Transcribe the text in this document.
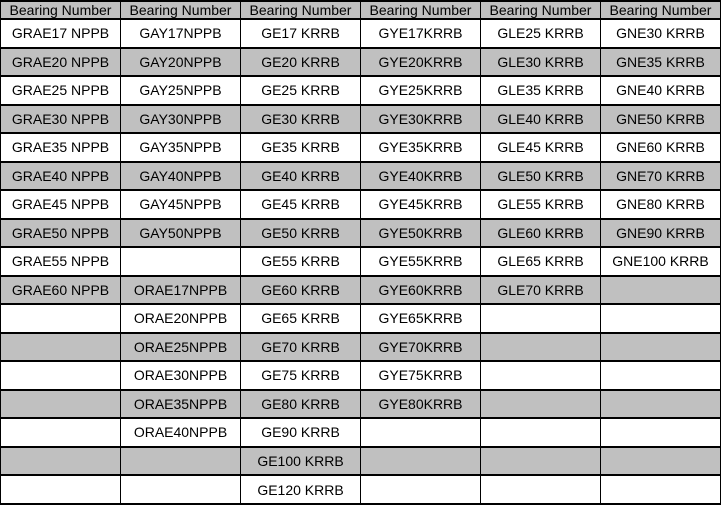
Bearing Number	Bearing Number	Bearing Number	Bearing Number	Bearing Number	Bearing Number
GRAE17 NPPB	GAY17NPPB	GE17 KRRB	GYE17KRRB	GLE25 KRRB	GNE30 KRRB
GRAE20 NPPB	GAY20NPPB	GE20 KRRB	GYE20KRRB	GLE30 KRRB	GNE35 KRRB
GRAE25 NPPB	GAY25NPPB	GE25 KRRB	GYE25KRRB	GLE35 KRRB	GNE40 KRRB
GRAE30 NPPB	GAY30NPPB	GE30 KRRB	GYE30KRRB	GLE40 KRRB	GNE50 KRRB
GRAE35 NPPB	GAY35NPPB	GE35 KRRB	GYE35KRRB	GLE45 KRRB	GNE60 KRRB
GRAE40 NPPB	GAY40NPPB	GE40 KRRB	GYE40KRRB	GLE50 KRRB	GNE70 KRRB
GRAE45 NPPB	GAY45NPPB	GE45 KRRB	GYE45KRRB	GLE55 KRRB	GNE80 KRRB
GRAE50 NPPB	GAY50NPPB	GE50 KRRB	GYE50KRRB	GLE60 KRRB	GNE90 KRRB
GRAE55 NPPB		GE55 KRRB	GYE55KRRB	GLE65 KRRB	GNE100 KRRB
GRAE60 NPPB	ORAE17NPPB	GE60 KRRB	GYE60KRRB	GLE70 KRRB	
	ORAE20NPPB	GE65 KRRB	GYE65KRRB		
	ORAE25NPPB	GE70 KRRB	GYE70KRRB		
	ORAE30NPPB	GE75 KRRB	GYE75KRRB		
	ORAE35NPPB	GE80 KRRB	GYE80KRRB		
	ORAE40NPPB	GE90 KRRB			
		GE100 KRRB			
		GE120 KRRB			
